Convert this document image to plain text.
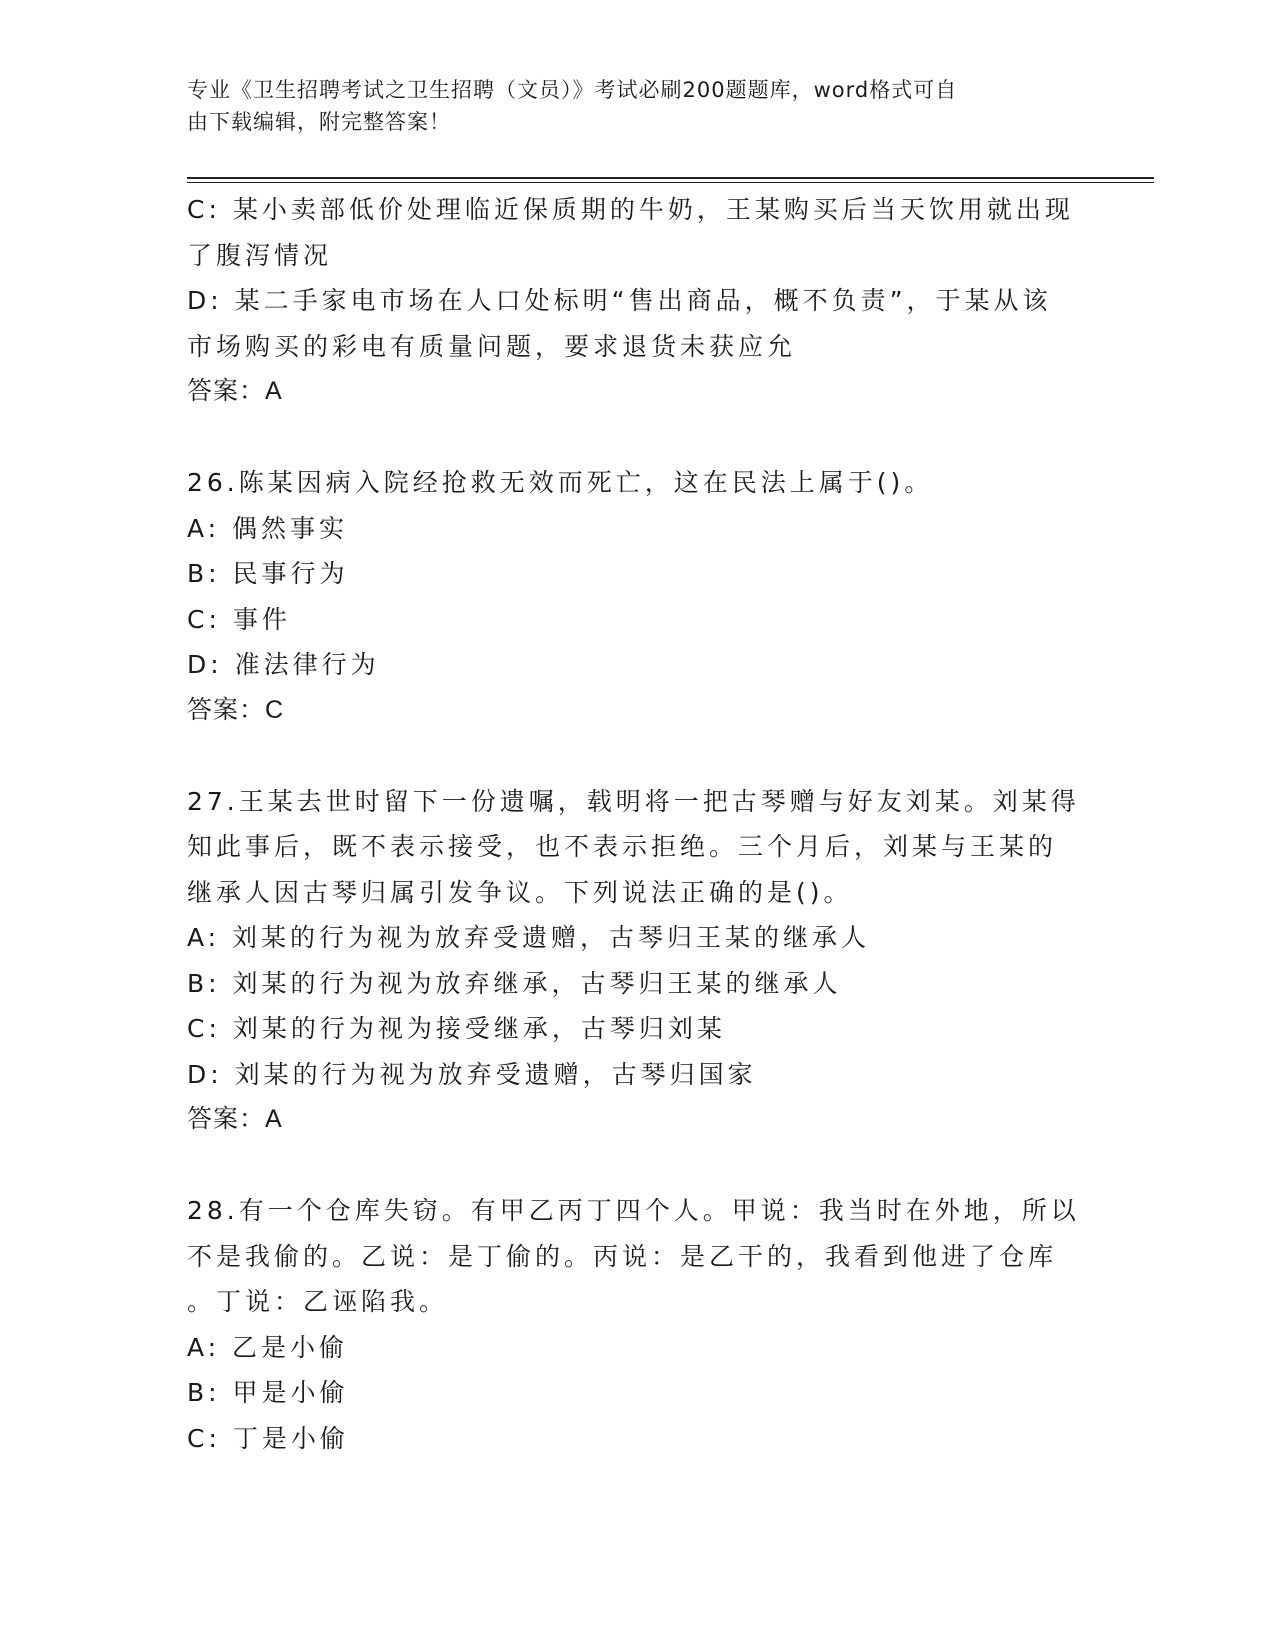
专业《卫生招聘考试之卫生招聘（文员）》考试必刷200题题库，word格式可自
由下载编辑，附完整答案！
C: 某小卖部低价处理临近保质期的牛奶，王某购买后当天饮用就出现
了腹泻情况
D: 某二手家电市场在人口处标明“售出商品，概不负责”，于某从该
市场购买的彩电有质量问题，要求退货未获应允
答案：A
26.陈某因病入院经抢救无效而死亡，这在民法上属于()。
A: 偶然事实
B: 民事行为
C: 事件
D: 准法律行为
答案：C
27.王某去世时留下一份遗嘱，载明将一把古琴赠与好友刘某。刘某得
知此事后，既不表示接受，也不表示拒绝。三个月后，刘某与王某的
继承人因古琴归属引发争议。下列说法正确的是()。
A: 刘某的行为视为放弃受遗赠，古琴归王某的继承人
B: 刘某的行为视为放弃继承，古琴归王某的继承人
C: 刘某的行为视为接受继承，古琴归刘某
D: 刘某的行为视为放弃受遗赠，古琴归国家
答案：A
28.有一个仓库失窃。有甲乙丙丁四个人。甲说：我当时在外地，所以
不是我偷的。乙说：是丁偷的。丙说：是乙干的，我看到他进了仓库
。丁说：乙诬陷我。
A: 乙是小偷
B: 甲是小偷
C: 丁是小偷
